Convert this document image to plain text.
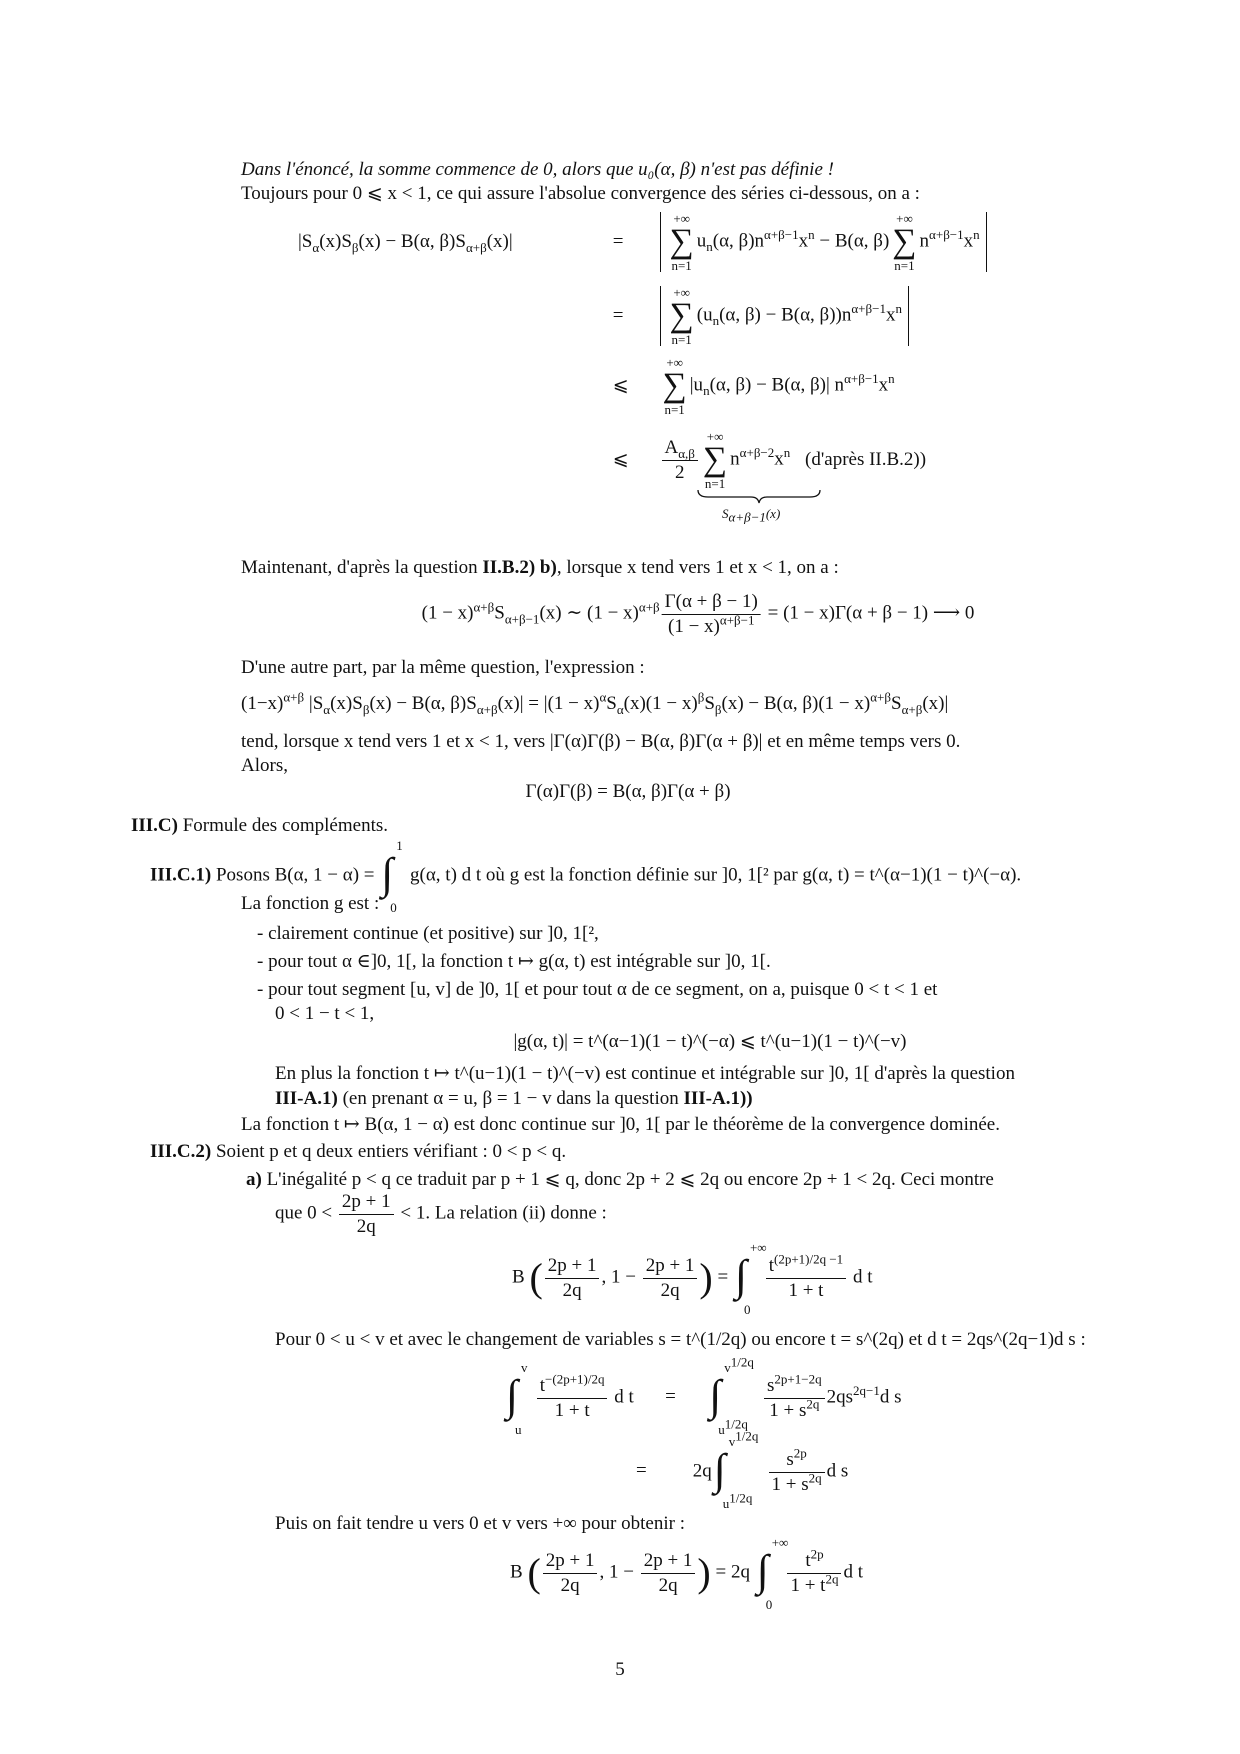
Dans l'énoncé, la somme commence de 0, alors que u₀(α, β) n'est pas définie !
Toujours pour 0 ⩽ x < 1, ce qui assure l'absolue convergence des séries ci-dessous, on a :
$|S_\alpha(x)S_\beta(x) - B(\alpha$, $\beta)S_{\alpha+\beta}(x)|$	=
+∞
∑
n=1
$u_n(\alpha$, $\beta)n^{\alpha+\beta-1}x^n - B(\alpha$, β)
+∞
∑
n=1
$n^{\alpha+\beta-1}x^n$
=
+∞
∑
n=1
($u_n(\alpha$, β) − B(α, $\beta))n^{\alpha+\beta-1}x^n$
⩽
+∞
∑
n=1
$|u_n(\alpha$, β) − B(α, β)| $n^{\alpha+\beta-1}x^n$
⩽ $\frac{A_{\alpha,\beta}}{2}$ +∞
∑
n=1
$n^{\alpha+\beta-2}x^n$ (d'après II.B.2))
$S_{\alpha+\beta-1}(x)$
Maintenant, d'après la question II.B.2) b), lorsque x tend vers 1 et x < 1, on a :
$(1 - x)^{\alpha+\beta}S_{\alpha+\beta-1}(x)$ ∼ $(1 - x)^{\alpha+\beta} \frac{\Gamma(\alpha + \beta - 1)}{(1 - x)^{\alpha+\beta-1}} = (1 - x)\Gamma(\alpha + \beta - 1)$ ⟶ 0
D'une autre part, par la même question, l'expression :
$(1-x)^{\alpha+\beta}$ $|S_\alpha(x)S_\beta(x) - B(\alpha$, $\beta)S_{\alpha+\beta}(x)| = |(1 - x)^\alpha S_\alpha(x)(1 - x)^\beta S_\beta(x) - B(\alpha$, $\beta)(1 - x)^{\alpha+\beta}S_{\alpha+\beta}(x)|$
tend, lorsque x tend vers 1 et x < 1, vers |Γ(α)Γ(β) − B(α, β)Γ(α + β)| et en même temps vers 0.
Alors,
Γ(α)Γ(β) = B(α, β)Γ(α + β)
III.C) Formule des compléments.
III.C.1) Posons B(α, 1 − α) = ∫
1
0
g(α, t) d t où g est la fonction définie sur ]0, 1[² par g(α, t) = t^(α−1)(1 − t)^(−α).
La fonction g est :
- clairement continue (et positive) sur ]0, 1[²,
- pour tout α ∈]0, 1[, la fonction t ↦ g(α, t) est intégrable sur ]0, 1[.
- pour tout segment [u, v] de ]0, 1[ et pour tout α de ce segment, on a, puisque 0 < t < 1 et
0 < 1 − t < 1,
|g(α, t)| = t^(α−1)(1 − t)^(−α) ⩽ t^(u−1)(1 − t)^(−v)
En plus la fonction t ↦ t^(u−1)(1 − t)^(−v) est continue et intégrable sur ]0, 1[ d'après la question
III-A.1) (en prenant α = u, β = 1 − v dans la question III-A.1))
La fonction t ↦ B(α, 1 − α) est donc continue sur ]0, 1[ par le théorème de la convergence dominée.
III.C.2) Soient p et q deux entiers vérifiant : 0 < p < q.
a) L'inégalité p < q ce traduit par p + 1 ⩽ q, donc 2p + 2 ⩽ 2q ou encore 2p + 1 < 2q. Ceci montre
que $0 < \frac{2p + 1}{2q} < 1$. La relation (ii) donne :
B ( $\frac{2p + 1}{2q}$ , $1 - \frac{2p + 1}{2q}$ ) = ∫
+∞
0

$\frac{t^{(2p+1)/2q -1}}{1 + t}$ d t
Pour 0 < u < v et avec le changement de variables s = t^(1/2q) ou encore t = s^(2q) et d t = 2qs^(2q−1)d s :
∫
v
u

$\frac{t^{-(2p+1)/2q}}{1 + t}$ d t = ∫
$v^{1/2q}$
$u^{1/2q}$

$\frac{s^{2p+1-2q}}{1 + s^{2q}} 2qs^{2q-1}d$ s
= 2q ∫
$v^{1/2q}$
$u^{1/2q}$

$\frac{s^{2p}}{1 + s^{2q}}$ d s
Puis on fait tendre u vers 0 et v vers +∞ pour obtenir :
B ( $\frac{2p + 1}{2q}$ , $1 - \frac{2p + 1}{2q}$ ) = 2q ∫
+∞
0

$\frac{t^{2p}}{1 + t^{2q}}$ d t
5
